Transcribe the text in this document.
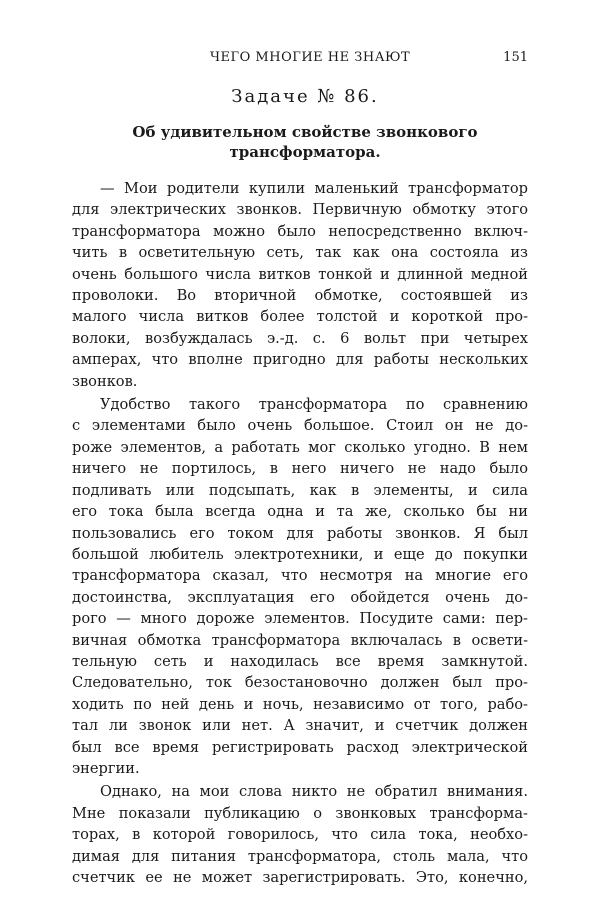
ЧЕГО МНОГИЕ НЕ ЗНАЮТ	151
Задаче № 86.
Об удивительном свойстве звонкового
трансформатора.
— Мои родители купили маленький трансформатор
для электрических звонков. Первичную обмотку этого
трансформатора можно было непосредственно включ-
чить в осветительную сеть, так как она состояла из
очень большого числа витков тонкой и длинной медной
проволоки. Во вторичной обмотке, состоявшей из
малого числа витков более толстой и короткой про-
волоки, возбуждалась э.-д. с. 6 вольт при четырех
амперах, что вполне пригодно для работы нескольких
звонков.
Удобство такого трансформатора по сравнению
с элементами было очень большое. Стоил он не до-
роже элементов, а работать мог сколько угодно. В нем
ничего не портилось, в него ничего не надо было
подливать или подсыпать, как в элементы, и сила
его тока была всегда одна и та же, сколько бы ни
пользовались его током для работы звонков. Я был
большой любитель электротехники, и еще до покупки
трансформатора сказал, что несмотря на многие его
достоинства, эксплуатация его обойдется очень до-
рого — много дороже элементов. Посудите сами: пер-
вичная обмотка трансформатора включалась в освети-
тельную сеть и находилась все время замкнутой.
Следовательно, ток безостановочно должен был про-
ходить по ней день и ночь, независимо от того, рабо-
тал ли звонок или нет. А значит, и счетчик должен
был все время регистрировать расход электрической
энергии.
Однако, на мои слова никто не обратил внимания.
Мне показали публикацию о звонковых трансформа-
торах, в которой говорилось, что сила тока, необхо-
димая для питания трансформатора, столь мала, что
счетчик ее не может зарегистрировать. Это, конечно,
